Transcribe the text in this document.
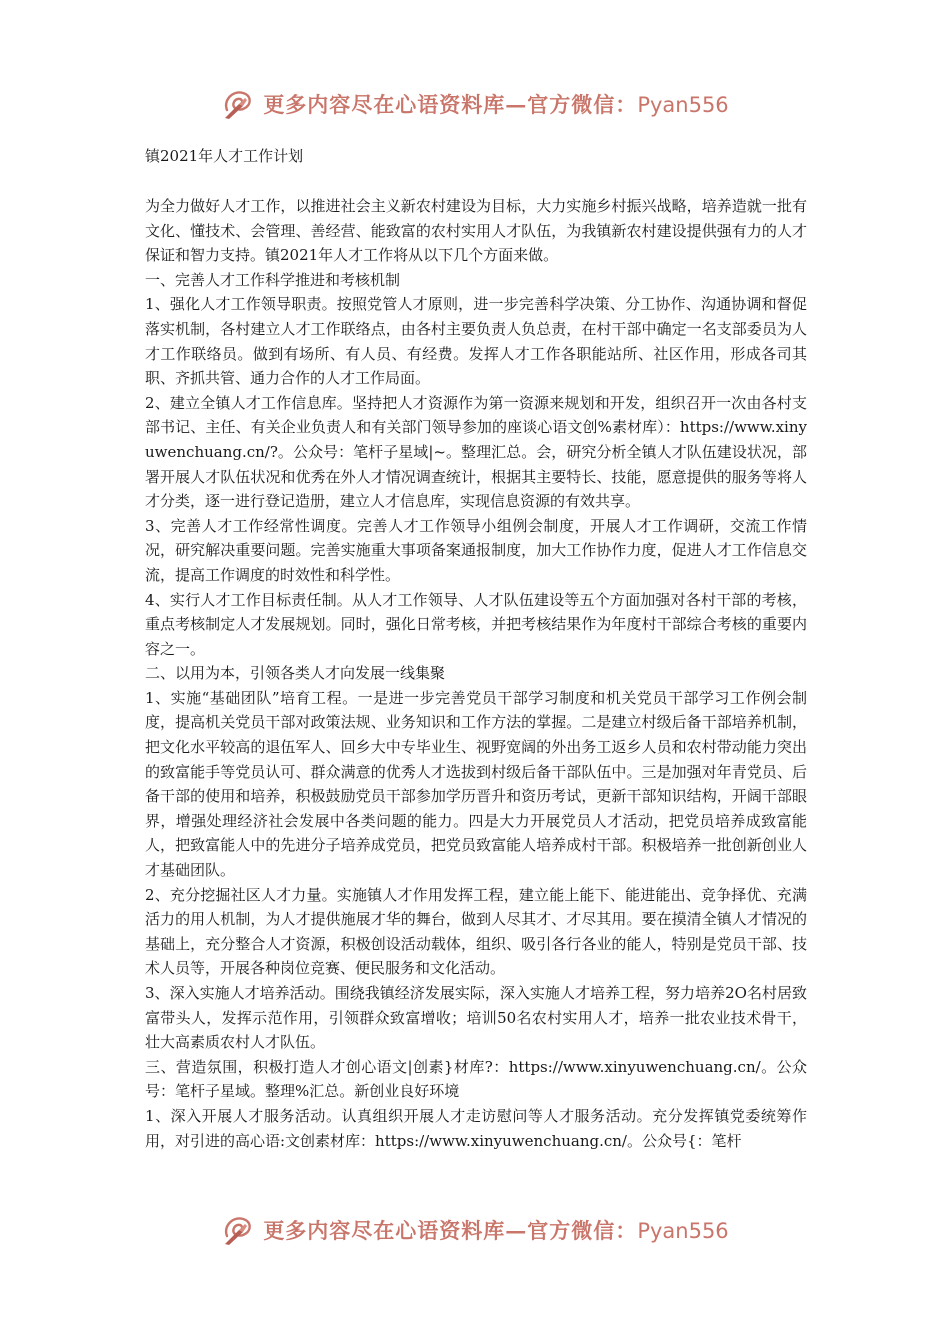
更多内容尽在心语资料库—官方微信：Pyan556
镇2021年人才工作计划

为全力做好人才工作，以推进社会主义新农村建设为目标，大力实施乡村振兴战略，培养造就一批有文化、懂技术、会管理、善经营、能致富的农村实用人才队伍，为我镇新农村建设提供强有力的人才保证和智力支持。镇2021年人才工作将从以下几个方面来做。

一、完善人才工作科学推进和考核机制

1、强化人才工作领导职责。按照党管人才原则，进一步完善科学决策、分工协作、沟通协调和督促落实机制，各村建立人才工作联络点，由各村主要负责人负总责，在村干部中确定一名支部委员为人才工作联络员。做到有场所、有人员、有经费。发挥人才工作各职能站所、社区作用，形成各司其职、齐抓共管、通力合作的人才工作局面。

2、建立全镇人才工作信息库。坚持把人才资源作为第一资源来规划和开发，组织召开一次由各村支部书记、主任、有关企业负责人和有关部门领导参加的座谈心语文创%素材库）：https://www.xinyuwenchuang.cn/?。公众号：笔杆子星域|~。整理汇总。会，研究分析全镇人才队伍建设状况，部署开展人才队伍状况和优秀在外人才情况调查统计，根据其主要特长、技能，愿意提供的服务等将人才分类，逐一进行登记造册，建立人才信息库，实现信息资源的有效共享。

3、完善人才工作经常性调度。完善人才工作领导小组例会制度，开展人才工作调研，交流工作情况，研究解决重要问题。完善实施重大事项备案通报制度，加大工作协作力度，促进人才工作信息交流，提高工作调度的时效性和科学性。

4、实行人才工作目标责任制。从人才工作领导、人才队伍建设等五个方面加强对各村干部的考核，重点考核制定人才发展规划。同时，强化日常考核，并把考核结果作为年度村干部综合考核的重要内容之一。

二、以用为本，引领各类人才向发展一线集聚

1、实施“基础团队”培育工程。一是进一步完善党员干部学习制度和机关党员干部学习工作例会制度，提高机关党员干部对政策法规、业务知识和工作方法的掌握。二是建立村级后备干部培养机制，把文化水平较高的退伍军人、回乡大中专毕业生、视野宽阔的外出务工返乡人员和农村带动能力突出的致富能手等党员认可、群众满意的优秀人才选拔到村级后备干部队伍中。三是加强对年青党员、后备干部的使用和培养，积极鼓励党员干部参加学历晋升和资历考试，更新干部知识结构，开阔干部眼界，增强处理经济社会发展中各类问题的能力。四是大力开展党员人才活动，把党员培养成致富能人，把致富能人中的先进分子培养成党员，把党员致富能人培养成村干部。积极培养一批创新创业人才基础团队。

2、充分挖掘社区人才力量。实施镇人才作用发挥工程，建立能上能下、能进能出、竞争择优、充满活力的用人机制，为人才提供施展才华的舞台，做到人尽其才、才尽其用。要在摸清全镇人才情况的基础上，充分整合人才资源，积极创设活动载体，组织、吸引各行各业的能人，特别是党员干部、技术人员等，开展各种岗位竞赛、便民服务和文化活动。

3、深入实施人才培养活动。围绕我镇经济发展实际，深入实施人才培养工程，努力培养2O名村居致富带头人，发挥示范作用，引领群众致富增收；培训50名农村实用人才，培养一批农业技术骨干，壮大高素质农村人才队伍。

三、营造氛围，积极打造人才创心语文|创素}材库?：https://www.xinyuwenchuang.cn/。公众号：笔杆子星域。整理%汇总。新创业良好环境

1、深入开展人才服务活动。认真组织开展人才走访慰问等人才服务活动。充分发挥镇党委统筹作用，对引进的高心语:文创素材库：https://www.xinyuwenchuang.cn/。公众号{：笔杆

更多内容尽在心语资料库—官方微信：Pyan556
